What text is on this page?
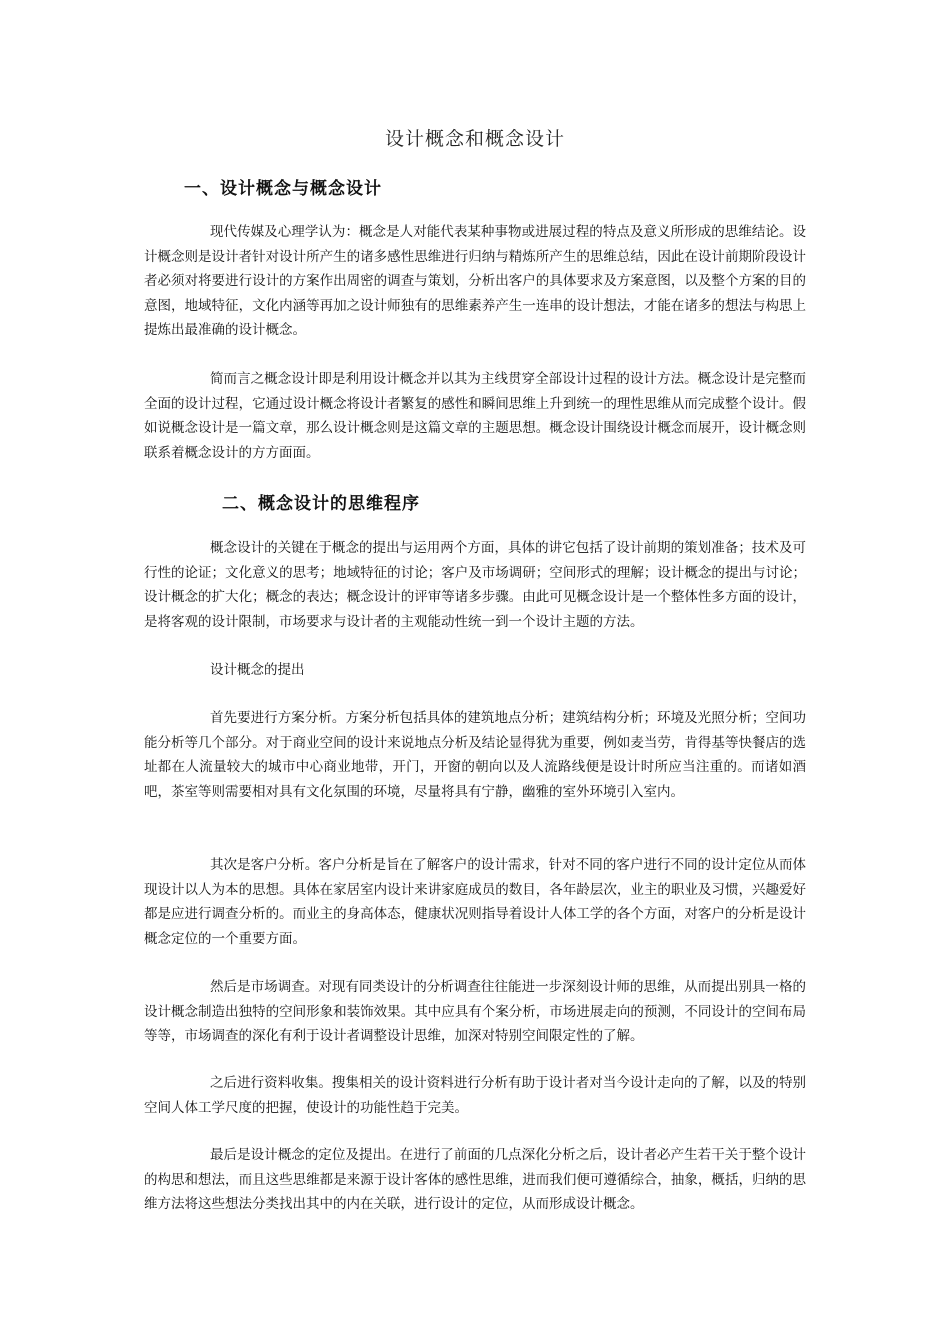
设计概念和概念设计
一、设计概念与概念设计

现代传媒及心理学认为：概念是人对能代表某种事物或进展过程的特点及意义所形成的思维结论。设计概念则是设计者针对设计所产生的诸多感性思维进行归纳与精炼所产生的思维总结，因此在设计前期阶段设计者必须对将要进行设计的方案作出周密的调查与策划，分析出客户的具体要求及方案意图，以及整个方案的目的意图，地域特征，文化内涵等再加之设计师独有的思维素养产生一连串的设计想法，才能在诸多的想法与构思上提炼出最准确的设计概念。

简而言之概念设计即是利用设计概念并以其为主线贯穿全部设计过程的设计方法。概念设计是完整而全面的设计过程，它通过设计概念将设计者繁复的感性和瞬间思维上升到统一的理性思维从而完成整个设计。假如说概念设计是一篇文章，那么设计概念则是这篇文章的主题思想。概念设计围绕设计概念而展开，设计概念则联系着概念设计的方方面面。

二、概念设计的思维程序

概念设计的关键在于概念的提出与运用两个方面，具体的讲它包括了设计前期的策划准备；技术及可行性的论证；文化意义的思考；地域特征的讨论；客户及市场调研；空间形式的理解；设计概念的提出与讨论；设计概念的扩大化；概念的表达；概念设计的评审等诸多步骤。由此可见概念设计是一个整体性多方面的设计，是将客观的设计限制，市场要求与设计者的主观能动性统一到一个设计主题的方法。

设计概念的提出

首先要进行方案分析。方案分析包括具体的建筑地点分析；建筑结构分析；环境及光照分析；空间功能分析等几个部分。对于商业空间的设计来说地点分析及结论显得犹为重要，例如麦当劳，肯得基等快餐店的选址都在人流量较大的城市中心商业地带，开门，开窗的朝向以及人流路线便是设计时所应当注重的。而诸如酒吧，茶室等则需要相对具有文化氛围的环境，尽量将具有宁静，幽雅的室外环境引入室内。

其次是客户分析。客户分析是旨在了解客户的设计需求，针对不同的客户进行不同的设计定位从而体现设计以人为本的思想。具体在家居室内设计来讲家庭成员的数目，各年龄层次，业主的职业及习惯，兴趣爱好都是应进行调查分析的。而业主的身高体态，健康状况则指导着设计人体工学的各个方面，对客户的分析是设计概念定位的一个重要方面。

然后是市场调查。对现有同类设计的分析调查往往能进一步深刻设计师的思维，从而提出别具一格的设计概念制造出独特的空间形象和装饰效果。其中应具有个案分析，市场进展走向的预测，不同设计的空间布局等等，市场调查的深化有利于设计者调整设计思维，加深对特别空间限定性的了解。

之后进行资料收集。搜集相关的设计资料进行分析有助于设计者对当今设计走向的了解，以及的特别空间人体工学尺度的把握，使设计的功能性趋于完美。

最后是设计概念的定位及提出。在进行了前面的几点深化分析之后，设计者必产生若干关于整个设计的构思和想法，而且这些思维都是来源于设计客体的感性思维，进而我们便可遵循综合，抽象，概括，归纳的思维方法将这些想法分类找出其中的内在关联，进行设计的定位，从而形成设计概念。
